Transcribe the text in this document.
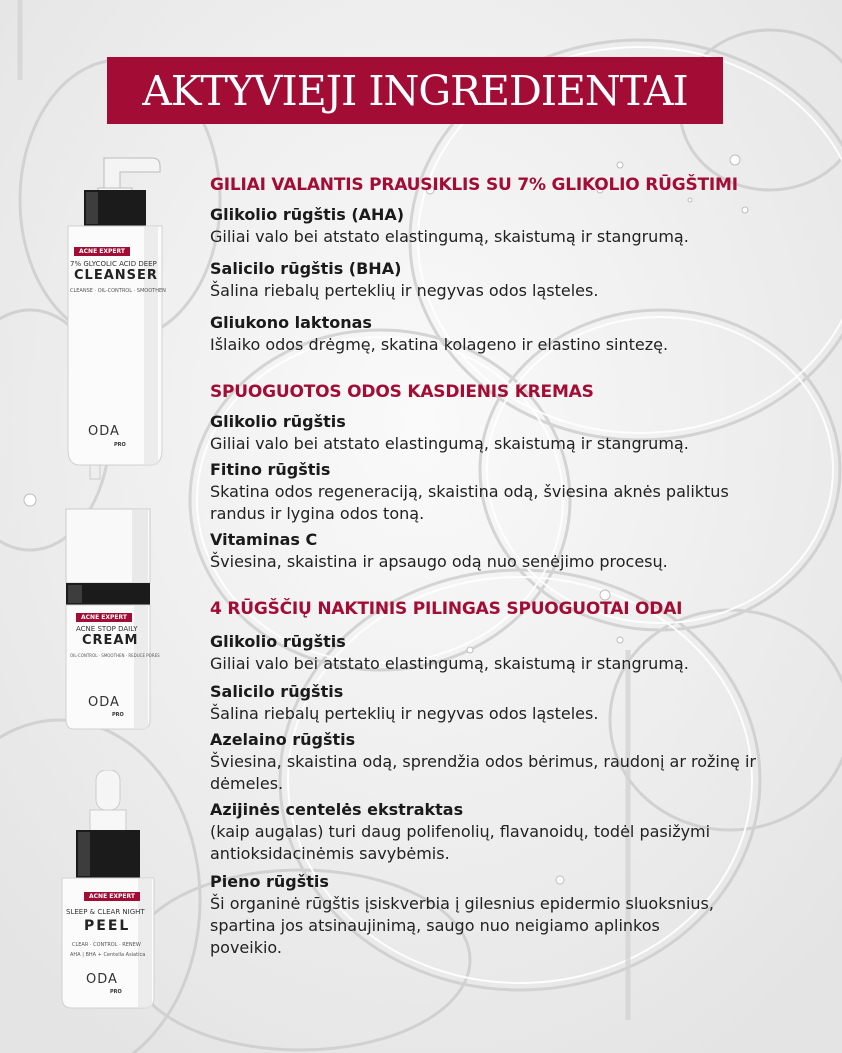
ACNE EXPERT
7% GLYCOLIC ACID DEEP
CLEANSER
CLEANSE · OIL-CONTROL · SMOOTHEN
ODA
PRO
ACNE EXPERT
ACNE STOP DAILY
CREAM
OIL-CONTROL · SMOOTHEN · REDUCE PORES
ODA
PRO
ACNE EXPERT
SLEEP & CLEAR NIGHT
PEEL
CLEAR · CONTROL · RENEW
AHA | BHA + Centella Asiatica
ODA
PRO
AKTYVIEJI INGREDIENTAI
GILIAI VALANTIS PRAUSIKLIS SU 7% GLIKOLIO RŪGŠTIMI

Glikolio rūgštis (AHA)

Giliai valo bei atstato elastingumą, skaistumą ir stangrumą.

Salicilo rūgštis (BHA)

Šalina riebalų perteklių ir negyvas odos ląsteles.

Gliukono laktonas

Išlaiko odos drėgmę, skatina kolageno ir elastino sintezę.

SPUOGUOTOS ODOS KASDIENIS KREMAS

Glikolio rūgštis

Giliai valo bei atstato elastingumą, skaistumą ir stangrumą.

Fitino rūgštis

Skatina odos regeneraciją, skaistina odą, šviesina aknės paliktus randus ir lygina odos toną.

Vitaminas C

Šviesina, skaistina ir apsaugo odą nuo senėjimo procesų.

4 RŪGŠČIŲ NAKTINIS PILINGAS SPUOGUOTAI ODAI

Glikolio rūgštis

Giliai valo bei atstato elastingumą, skaistumą ir stangrumą.

Salicilo rūgštis

Šalina riebalų perteklių ir negyvas odos ląsteles.

Azelaino rūgštis

Šviesina, skaistina odą, sprendžia odos bėrimus, raudonį ar rožinę ir dėmeles.

Azijinės centelės ekstraktas

(kaip augalas) turi daug polifenolių, flavanoidų, todėl pasižymi antioksidacinėmis savybėmis.

Pieno rūgštis

Ši organinė rūgštis įsiskverbia į gilesnius epidermio sluoksnius, spartina jos atsinaujinimą, saugo nuo neigiamo aplinkos poveikio.
